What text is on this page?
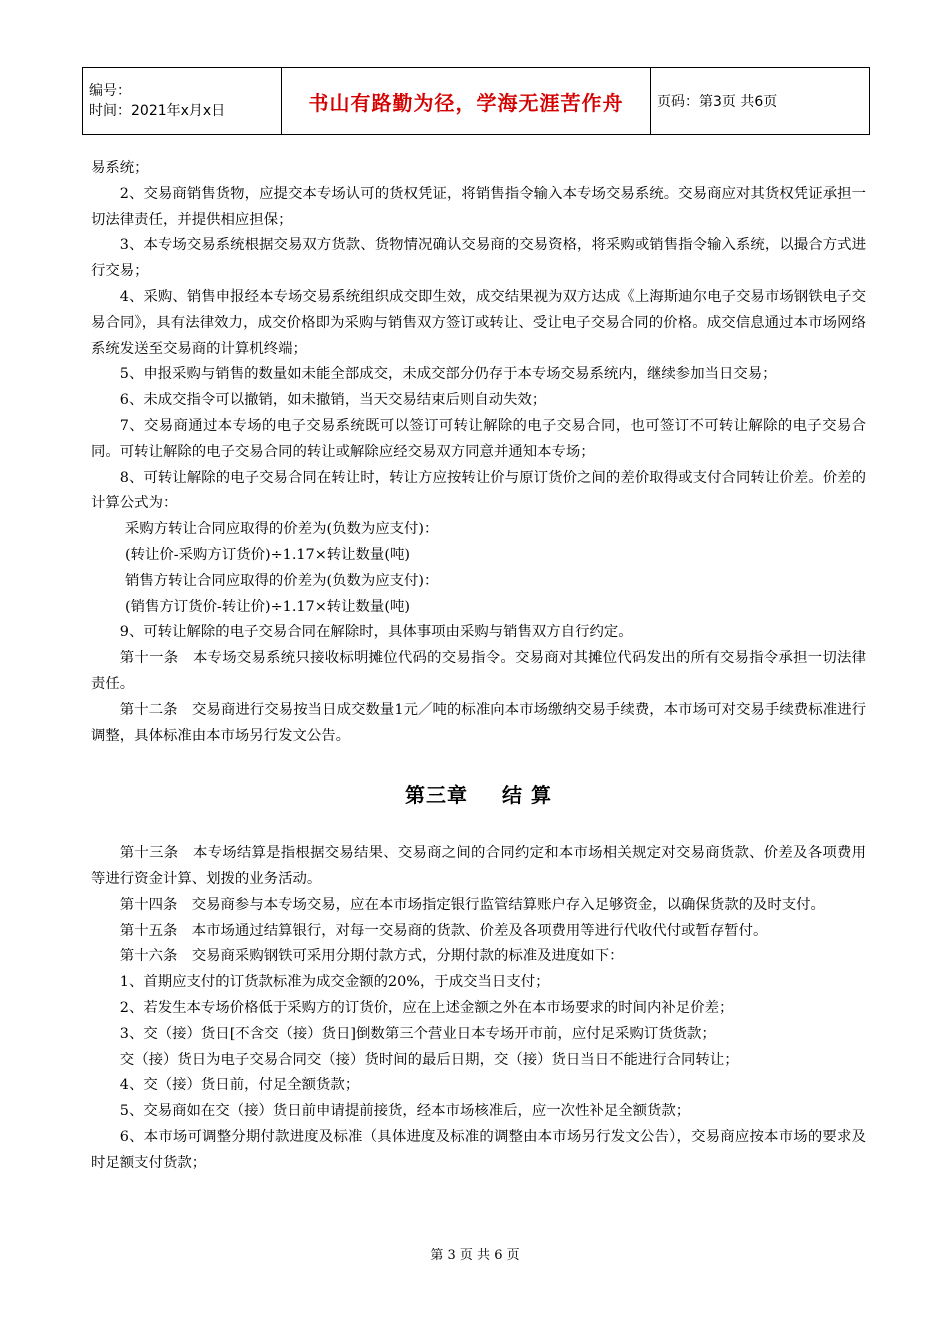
编号：
时间：2021年x月x日	书山有路勤为径，学海无涯苦作舟	页码：第3页 共6页

易系统；

2、交易商销售货物，应提交本专场认可的货权凭证，将销售指令输入本专场交易系统。交易商应对其货权凭证承担一切法律责任，并提供相应担保；

3、本专场交易系统根据交易双方货款、货物情况确认交易商的交易资格，将采购或销售指令输入系统，以撮合方式进行交易；

4、采购、销售申报经本专场交易系统组织成交即生效，成交结果视为双方达成《上海斯迪尔电子交易市场钢铁电子交易合同》，具有法律效力，成交价格即为采购与销售双方签订或转让、受让电子交易合同的价格。成交信息通过本市场网络系统发送至交易商的计算机终端；

5、申报采购与销售的数量如未能全部成交，未成交部分仍存于本专场交易系统内，继续参加当日交易；

6、未成交指令可以撤销，如未撤销，当天交易结束后则自动失效；

7、交易商通过本专场的电子交易系统既可以签订可转让解除的电子交易合同，也可签订不可转让解除的电子交易合同。可转让解除的电子交易合同的转让或解除应经交易双方同意并通知本专场；

8、可转让解除的电子交易合同在转让时，转让方应按转让价与原订货价之间的差价取得或支付合同转让价差。价差的计算公式为：

采购方转让合同应取得的价差为(负数为应支付)：

(转让价-采购方订货价)÷1.17×转让数量(吨)

销售方转让合同应取得的价差为(负数为应支付)：

(销售方订货价-转让价)÷1.17×转让数量(吨)

9、可转让解除的电子交易合同在解除时，具体事项由采购与销售双方自行约定。

第十一条　本专场交易系统只接收标明摊位代码的交易指令。交易商对其摊位代码发出的所有交易指令承担一切法律责任。

第十二条　交易商进行交易按当日成交数量1元／吨的标准向本市场缴纳交易手续费，本市场可对交易手续费标准进行调整，具体标准由本市场另行发文公告。

第三章 结 算

第十三条　本专场结算是指根据交易结果、交易商之间的合同约定和本市场相关规定对交易商货款、价差及各项费用等进行资金计算、划拨的业务活动。

第十四条　交易商参与本专场交易，应在本市场指定银行监管结算账户存入足够资金，以确保货款的及时支付。

第十五条　本市场通过结算银行，对每一交易商的货款、价差及各项费用等进行代收代付或暂存暂付。

第十六条　交易商采购钢铁可采用分期付款方式，分期付款的标准及进度如下：

1、首期应支付的订货款标准为成交金额的20%，于成交当日支付；

2、若发生本专场价格低于采购方的订货价，应在上述金额之外在本市场要求的时间内补足价差；

3、交（接）货日[不含交（接）货日]倒数第三个营业日本专场开市前，应付足采购订货货款；

交（接）货日为电子交易合同交（接）货时间的最后日期，交（接）货日当日不能进行合同转让；

4、交（接）货日前，付足全额货款；

5、交易商如在交（接）货日前申请提前接货，经本市场核准后，应一次性补足全额货款；

6、本市场可调整分期付款进度及标准（具体进度及标准的调整由本市场另行发文公告），交易商应按本市场的要求及时足额支付货款；

第 3 页 共 6 页
